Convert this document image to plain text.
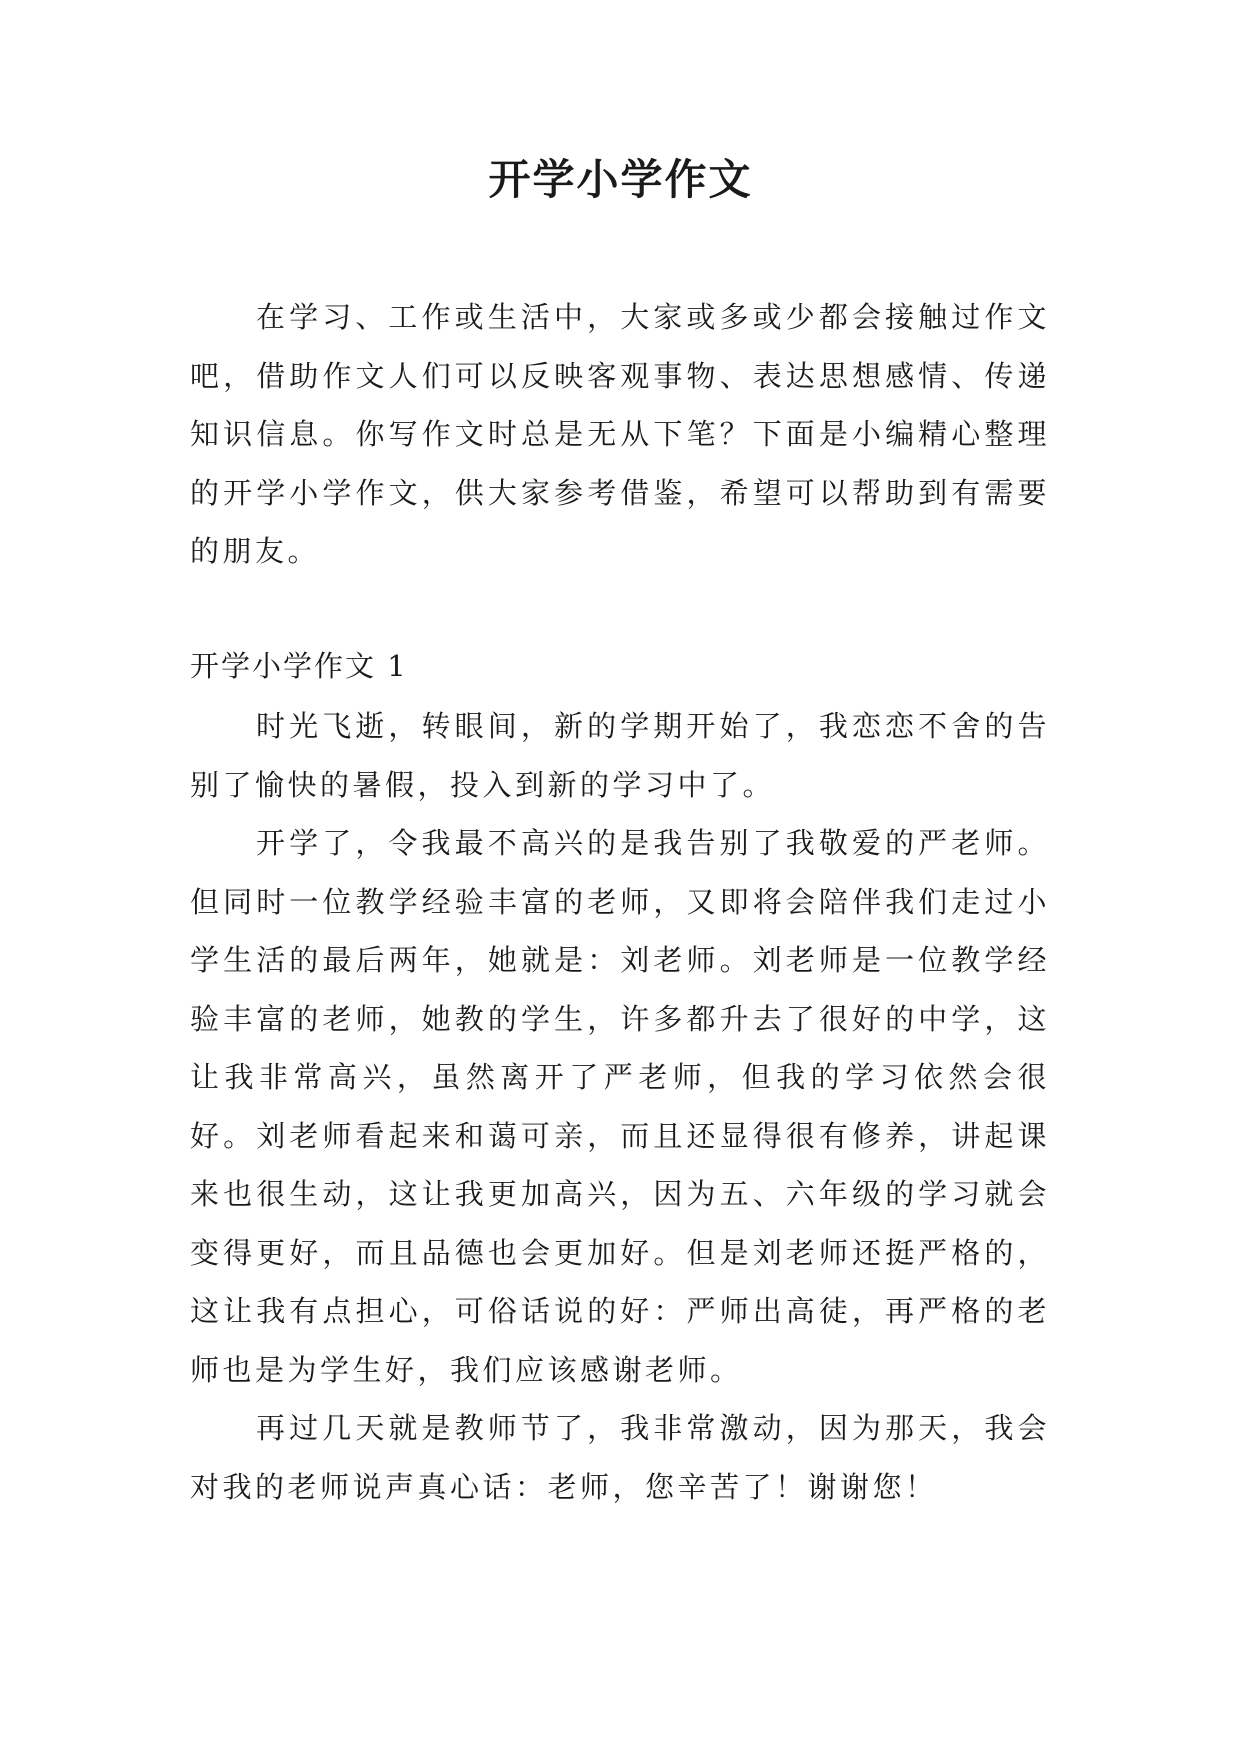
开学小学作文

在学习、工作或生活中，大家或多或少都会接触过作文吧，借助作文人们可以反映客观事物、表达思想感情、传递知识信息。你写作文时总是无从下笔？下面是小编精心整理的开学小学作文，供大家参考借鉴，希望可以帮助到有需要的朋友。

开学小学作文 1

时光飞逝，转眼间，新的学期开始了，我恋恋不舍的告别了愉快的暑假，投入到新的学习中了。

开学了，令我最不高兴的是我告别了我敬爱的严老师。但同时一位教学经验丰富的老师，又即将会陪伴我们走过小学生活的最后两年，她就是：刘老师。刘老师是一位教学经验丰富的老师，她教的学生，许多都升去了很好的中学，这让我非常高兴，虽然离开了严老师，但我的学习依然会很好。刘老师看起来和蔼可亲，而且还显得很有修养，讲起课来也很生动，这让我更加高兴，因为五、六年级的学习就会变得更好，而且品德也会更加好。但是刘老师还挺严格的，这让我有点担心，可俗话说的好：严师出高徒，再严格的老师也是为学生好，我们应该感谢老师。

再过几天就是教师节了，我非常激动，因为那天，我会对我的老师说声真心话：老师，您辛苦了！谢谢您！
